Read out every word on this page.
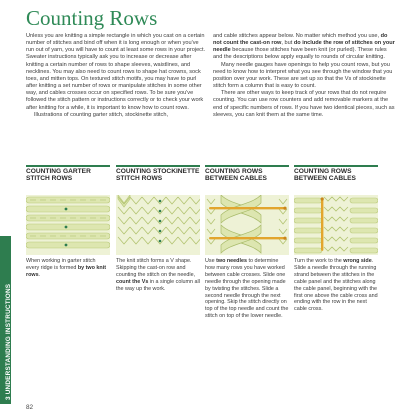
3 UNDERSTANDING INSTRUCTIONS
Counting Rows

Unless you are knitting a simple rectangle in which you cast on a certain number of stitches and bind off when it is long enough or when you've run out of yarn, you will have to count at least some rows in your project. Sweater instructions typically ask you to increase or decrease after knitting a certain number of rows to shape sleeves, waistlines, and necklines. You may also need to count rows to shape hat crowns, sock toes, and mitten tops. On textured stitch motifs, you may have to purl after knitting a set number of rows or manipulate stitches in some other way, and cables crosses occur on specified rows. To be sure you've followed the stitch pattern or instructions correctly or to check your work after knitting for a while, it is important to know how to count rows.

Illustrations of counting garter stitch, stockinette stitch,

and cable stitches appear below. No matter which method you use, do not count the cast-on row, but do include the row of stitches on your needle because those stitches have been knit (or purled). These rules and the descriptions below apply equally to rounds of circular knitting.

Many needle gauges have openings to help you count rows, but you need to know how to interpret what you see through the window that you position over your work. These are set up so that the Vs of stockinette stitch form a column that is easy to count.

There are other ways to keep track of your rows that do not require counting. You can use row counters and add removable markers at the end of specific numbers of rows. If you have two identical pieces, such as sleeves, you can knit them at the same time.

COUNTING GARTER STITCH ROWS
When working in garter stitch every ridge is formed by two knit rows.
COUNTING STOCKINETTE STITCH ROWS
The knit stitch forms a V shape. Skipping the cast-on row and counting the stitch on the needle, count the Vs in a single column all the way up the work.
COUNTING ROWS BETWEEN CABLES
Use two needles to determine how many rows you have worked between cable crosses. Slide one needle through the opening made by twisting the stitches. Slide a second needle through the next opening. Skip the stitch directly on top of the top needle and count the stitch on top of the lower needle.
COUNTING ROWS BETWEEN CABLES
Turn the work to the wrong side. Slide a needle through the running strand between the stitches in the cable panel and the stitches along the cable panel, beginning with the first one above the cable cross and ending with the row in the next cable cross.
82
